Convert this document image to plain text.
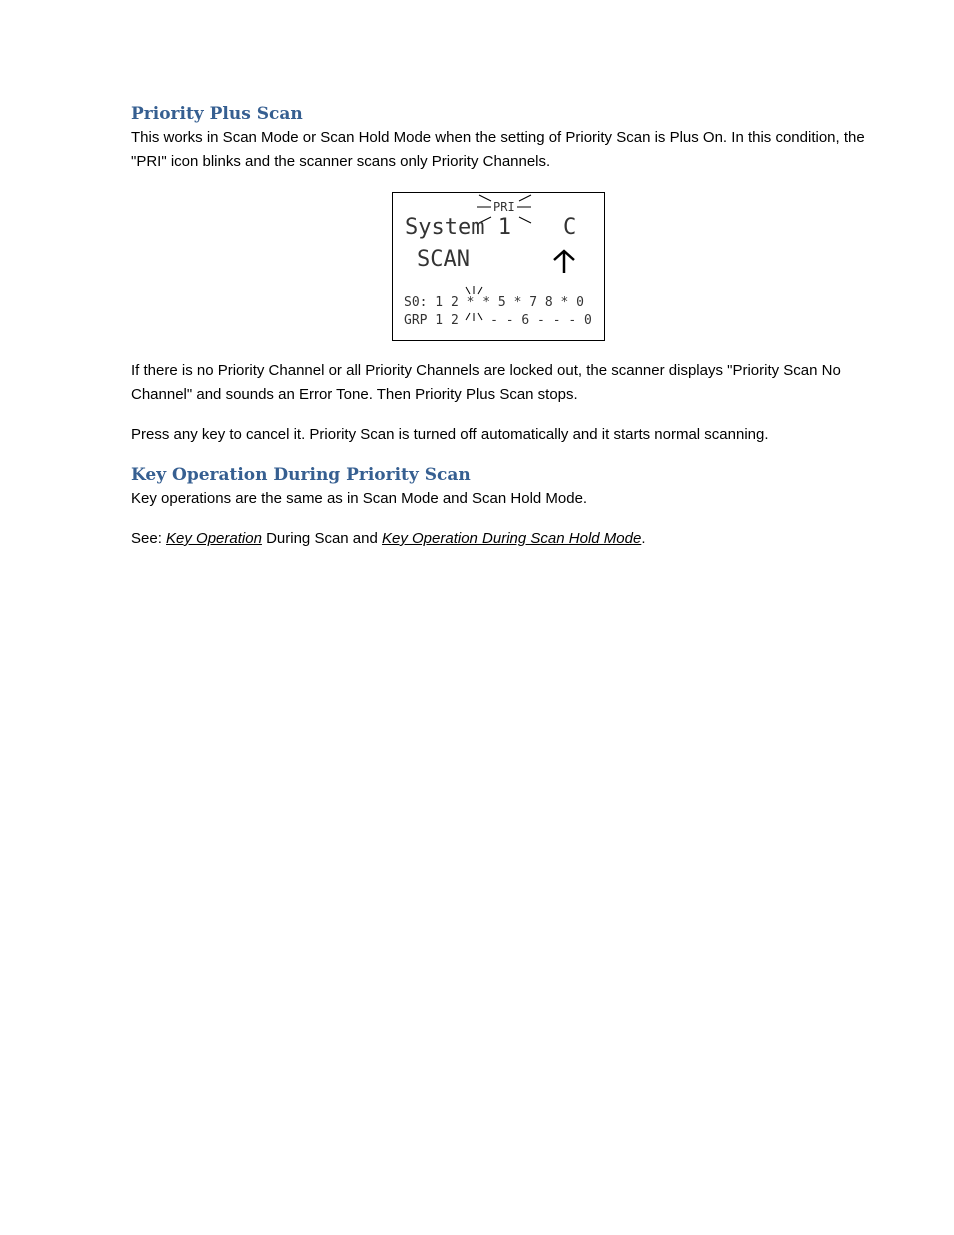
Priority Plus Scan

This works in Scan Mode or Scan Hold Mode when the setting of Priority Scan is Plus On. In this condition, the "PRI" icon blinks and the scanner scans only Priority Channels.

PRI
System 1 C
SCAN
S0: 1 2 * * 5 * 7 8 * 0
GRP 1 2    - - 6 - - - 0

If there is no Priority Channel or all Priority Channels are locked out, the scanner displays "Priority Scan No Channel" and sounds an Error Tone. Then Priority Plus Scan stops.

Press any key to cancel it. Priority Scan is turned off automatically and it starts normal scanning.

Key Operation During Priority Scan

Key operations are the same as in Scan Mode and Scan Hold Mode.

See: Key Operation During Scan and Key Operation During Scan Hold Mode.
